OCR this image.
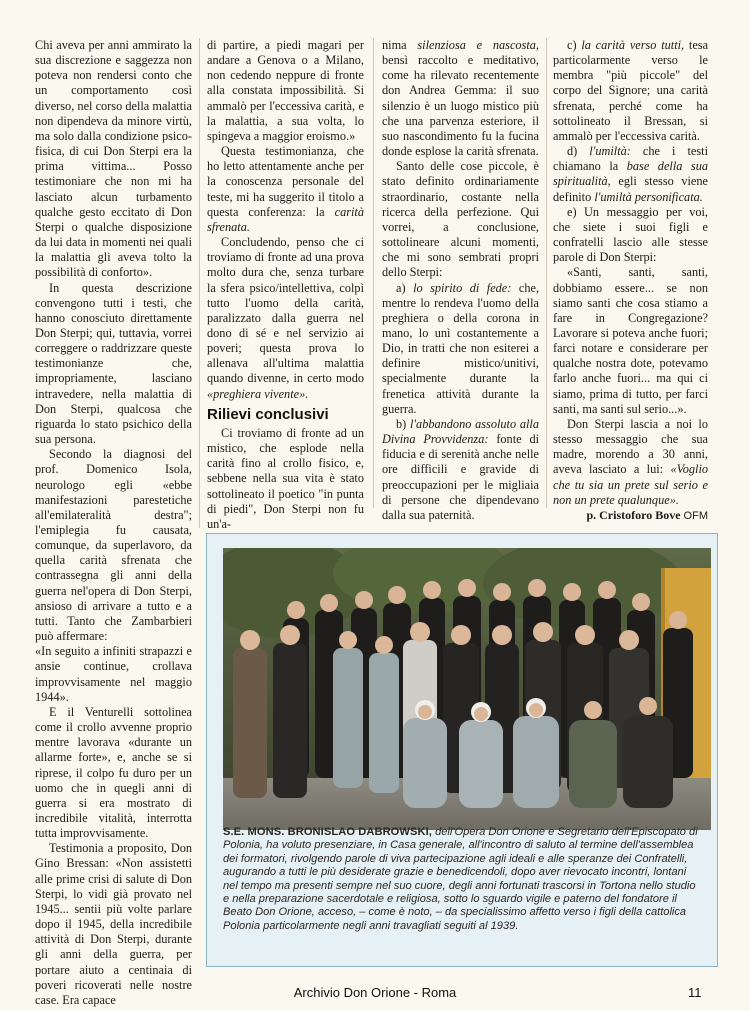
Chi aveva per anni ammirato la sua discrezione e saggezza non poteva non rendersi conto che un comportamento così diverso, nel corso della malattia non dipendeva da minore virtù, ma solo dalla condizione psico-fisica, di cui Don Sterpi era la prima vittima... Posso testimoniare che non mi ha lasciato alcun turbamento qualche gesto eccitato di Don Sterpi o qualche disposizione da lui data in momenti nei quali la malattia gli aveva tolto la possibilità di conforto».

In questa descrizione convengono tutti i testi, che hanno conosciuto direttamente Don Sterpi; qui, tuttavia, vorrei correggere o raddrizzare queste testimonianze che, impropriamente, lasciano intravedere, nella malattia di Don Sterpi, qualcosa che riguarda lo stato psichico della sua persona.

Secondo la diagnosi del prof. Domenico Isola, neurologo egli «ebbe manifestazioni parestetiche all'emilateralità destra"; l'emiplegia fu causata, comunque, da superlavoro, da quella carità sfrenata che contrassegna gli anni della guerra nel'opera di Don Sterpi, ansioso di arrivare a tutto e a tutti. Tanto che Zambarbieri può affermare:

«In seguito a infiniti strapazzi e ansie continue, crollava improvvisamente nel maggio 1944».

E il Venturelli sottolinea come il crollo avvenne proprio mentre lavorava «durante un allarme forte», e, anche se si riprese, il colpo fu duro per un uomo che in quegli anni di guerra si era mostrato di incredibile vitalità, interrotta tutta improvvisamente.

Testimonia a proposito, Don Gino Bressan: «Non assistetti alle prime crisi di salute di Don Sterpi, lo vidi già provato nel 1945... sentii più volte parlare dopo il 1945, della incredibile attività di Don Sterpi, durante gli anni della guerra, per portare aiuto a centinaia di poveri ricoverati nelle nostre case. Era capace

di partire, a piedi magari per andare a Genova o a Milano, non cedendo neppure di fronte alla constata impossibilità. Si ammalò per l'eccessiva carità, e la malattia, a sua volta, lo spingeva a maggior eroismo.»

Questa testimonianza, che ho letto attentamente anche per la conoscenza personale del teste, mi ha suggerito il titolo a questa conferenza: la carità sfrenata.

Concludendo, penso che ci troviamo di fronte ad una prova molto dura che, senza turbare la sfera psico/intellettiva, colpì tutto l'uomo della carità, paralizzato dalla guerra nel dono di sé e nel servizio ai poveri; questa prova lo allenava all'ultima malattia quando divenne, in certo modo «preghiera vivente».

Rilievi conclusivi

Ci troviamo di fronte ad un mistico, che esplode nella carità fino al crollo fisico, e, sebbene nella sua vita è stato sottolineato il poetico "in punta di piedi", Don Sterpi non fu un'a-

nima silenziosa e nascosta, bensì raccolto e meditativo, come ha rilevato recentemente don Andrea Gemma: il suo silenzio è un luogo mistico più che una parvenza esteriore, il suo nascondimento fu la fucina donde esplose la carità sfrenata.

Santo delle cose piccole, è stato definito ordinariamente straordinario, costante nella ricerca della perfezione. Qui vorrei, a conclusione, sottolineare alcuni momenti, che mi sono sembrati propri dello Sterpi:

a) lo spirito di fede: che, mentre lo rendeva l'uomo della preghiera o della corona in mano, lo unì costantemente a Dio, in tratti che non esiterei a definire mistico/unitivi, specialmente durante la frenetica attività durante la guerra.

b) l'abbandono assoluto alla Divina Provvidenza: fonte di fiducia e di serenità anche nelle ore difficili e gravide di preoccupazioni per le migliaia di persone che dipendevano dalla sua paternità.

c) la carità verso tutti, tesa particolarmente verso le membra "più piccole" del corpo del Signore; una carità sfrenata, perché come ha sottolineato il Bressan, si ammalò per l'eccessiva carità.

d) l'umiltà: che i testi chiamano la base della sua spiritualità, egli stesso viene definito l'umiltà personificata.

e) Un messaggio per voi, che siete i suoi figli e confratelli lascio alle stesse parole di Don Sterpi:

«Santi, santi, santi, dobbiamo essere... se non siamo santi che cosa stiamo a fare in Congregazione? Lavorare si poteva anche fuori; farci notare e considerare per qualche nostra dote, potevamo farlo anche fuori... ma qui ci siamo, prima di tutto, per farci santi, ma santi sul serio...».

Don Sterpi lascia a noi lo stesso messaggio che sua madre, morendo a 30 anni, aveva lasciato a lui: «Voglio che tu sia un prete sul serio e non un prete qualunque».

p. Cristoforo Bove OFM

S.E. MONS. BRONISLAO DABROWSKI, dell'Opera Don Orione e Segretario dell'Episcopato di Polonia, ha voluto presenziare, in Casa generale, all'incontro di saluto al termine dell'assemblea dei formatori, rivolgendo parole di viva partecipazione agli ideali e alle speranze dei Confratelli, augurando a tutti le più desiderate grazie e benedicendoli, dopo aver rievocato incontri, lontani nel tempo ma presenti sempre nel suo cuore, degli anni fortunati trascorsi in Tortona nello studio e nella preparazione sacerdotale e religiosa, sotto lo sguardo vigile e paterno del fondatore il Beato Don Orione, acceso, – come è noto, – da specialissimo affetto verso i figli della cattolica Polonia particolarmente negli anni travagliati seguiti al 1939.
Archivio Don Orione - Roma	11
